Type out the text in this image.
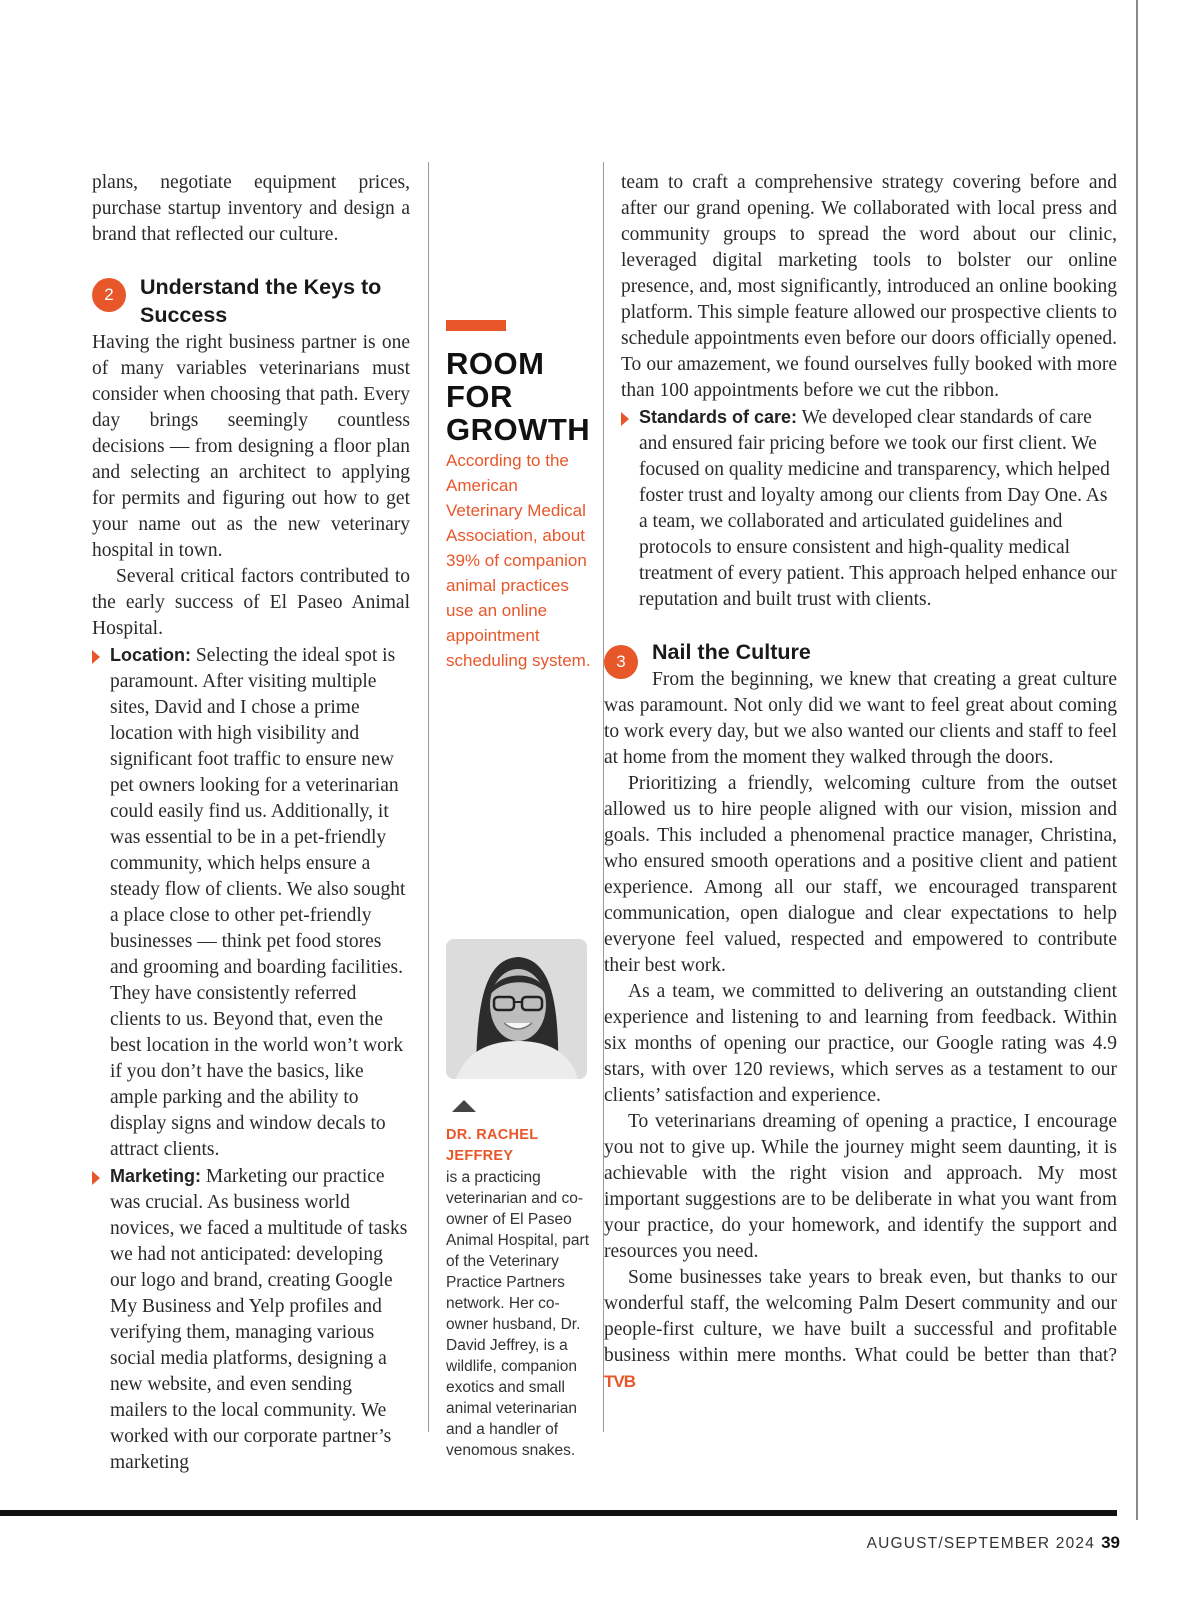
plans, negotiate equipment prices, purchase startup inventory and design a brand that reflected our culture.

2	Understand the Keys to Success

Having the right business partner is one of many variables veterinarians must consider when choosing that path. Every day brings seemingly countless decisions — from designing a floor plan and selecting an architect to applying for permits and figuring out how to get your name out as the new veterinary hospital in town.

Several critical factors contributed to the early success of El Paseo Animal Hospital.

Location: Selecting the ideal spot is paramount. After visiting multiple sites, David and I chose a prime location with high visibility and significant foot traffic to ensure new pet owners looking for a veterinarian could easily find us. Additionally, it was essential to be in a pet-friendly community, which helps ensure a steady flow of clients. We also sought a place close to other pet-friendly businesses — think pet food stores and grooming and boarding facilities. They have consistently referred clients to us. Beyond that, even the best location in the world won’t work if you don’t have the basics, like ample parking and the ability to display signs and window decals to attract clients.
Marketing: Marketing our practice was crucial. As business world novices, we faced a multitude of tasks we had not anticipated: developing our logo and brand, creating Google My Business and Yelp profiles and verifying them, managing various social media platforms, designing a new website, and even sending mailers to the local community. We worked with our corporate partner’s marketing

ROOM FOR GROWTH

According to the American Veterinary Medical Association, about 39% of companion animal practices use an online appointment scheduling system.

DR. RACHEL JEFFREY
is a practicing veterinarian and co-owner of El Paseo Animal Hospital, part of the Veterinary Practice Partners network. Her co-owner husband, Dr. David Jeffrey, is a wildlife, companion exotics and small animal veterinarian and a handler of venomous snakes.

team to craft a comprehensive strategy covering before and after our grand opening. We collaborated with local press and community groups to spread the word about our clinic, leveraged digital marketing tools to bolster our online presence, and, most significantly, introduced an online booking platform. This simple feature allowed our prospective clients to schedule appointments even before our doors officially opened. To our amazement, we found ourselves fully booked with more than 100 appointments before we cut the ribbon.

Standards of care: We developed clear standards of care and ensured fair pricing before we took our first client. We focused on quality medicine and transparency, which helped foster trust and loyalty among our clients from Day One. As a team, we collaborated and articulated guidelines and protocols to ensure consistent and high-quality medical treatment of every patient. This approach helped enhance our reputation and built trust with clients.
3	Nail the Culture

From the beginning, we knew that creating a great culture was paramount. Not only did we want to feel great about coming to work every day, but we also wanted our clients and staff to feel at home from the moment they walked through the doors.

Prioritizing a friendly, welcoming culture from the outset allowed us to hire people aligned with our vision, mission and goals. This included a phenomenal practice manager, Christina, who ensured smooth operations and a positive client and patient experience. Among all our staff, we encouraged transparent communication, open dialogue and clear expectations to help everyone feel valued, respected and empowered to contribute their best work.

As a team, we committed to delivering an outstanding client experience and listening to and learning from feedback. Within six months of opening our practice, our Google rating was 4.9 stars, with over 120 reviews, which serves as a testament to our clients’ satisfaction and experience.

To veterinarians dreaming of opening a practice, I encourage you not to give up. While the journey might seem daunting, it is achievable with the right vision and approach. My most important suggestions are to be deliberate in what you want from your practice, do your homework, and identify the support and resources you need.

Some businesses take years to break even, but thanks to our wonderful staff, the welcoming Palm Desert community and our people-first culture, we have built a successful and profitable business within mere months. What could be better than that? TVB

AUGUST/SEPTEMBER 2024 39
